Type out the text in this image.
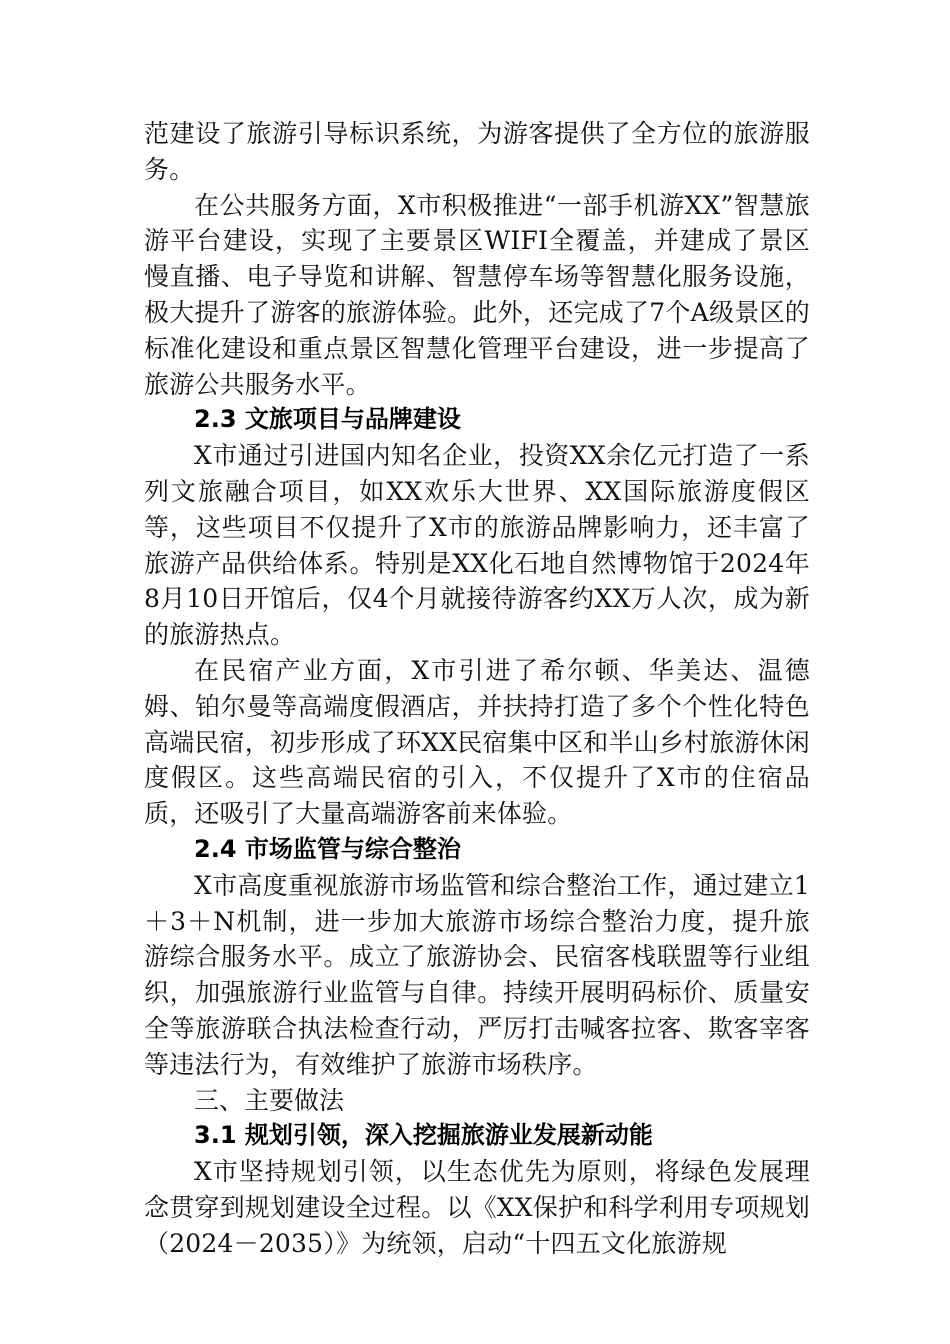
范建设了旅游引导标识系统，为游客提供了全方位的旅游服务。

在公共服务方面，X市积极推进“一部手机游XX”智慧旅游平台建设，实现了主要景区WIFI全覆盖，并建成了景区慢直播、电子导览和讲解、智慧停车场等智慧化服务设施，极大提升了游客的旅游体验。此外，还完成了7个A级景区的标准化建设和重点景区智慧化管理平台建设，进一步提高了旅游公共服务水平。

2.3 文旅项目与品牌建设

X市通过引进国内知名企业，投资XX余亿元打造了一系列文旅融合项目，如XX欢乐大世界、XX国际旅游度假区等，这些项目不仅提升了X市的旅游品牌影响力，还丰富了旅游产品供给体系。特别是XX化石地自然博物馆于2024年8月10日开馆后，仅4个月就接待游客约XX万人次，成为新的旅游热点。

在民宿产业方面，X市引进了希尔顿、华美达、温德姆、铂尔曼等高端度假酒店，并扶持打造了多个个性化特色高端民宿，初步形成了环XX民宿集中区和半山乡村旅游休闲度假区。这些高端民宿的引入，不仅提升了X市的住宿品质，还吸引了大量高端游客前来体验。

2.4 市场监管与综合整治

X市高度重视旅游市场监管和综合整治工作，通过建立1＋3＋N机制，进一步加大旅游市场综合整治力度，提升旅游综合服务水平。成立了旅游协会、民宿客栈联盟等行业组织，加强旅游行业监管与自律。持续开展明码标价、质量安全等旅游联合执法检查行动，严厉打击喊客拉客、欺客宰客等违法行为，有效维护了旅游市场秩序。

三、主要做法

3.1 规划引领，深入挖掘旅游业发展新动能

X市坚持规划引领，以生态优先为原则，将绿色发展理念贯穿到规划建设全过程。以《XX保护和科学利用专项规划（2024－2035）》为统领，启动“十四五文化旅游规
